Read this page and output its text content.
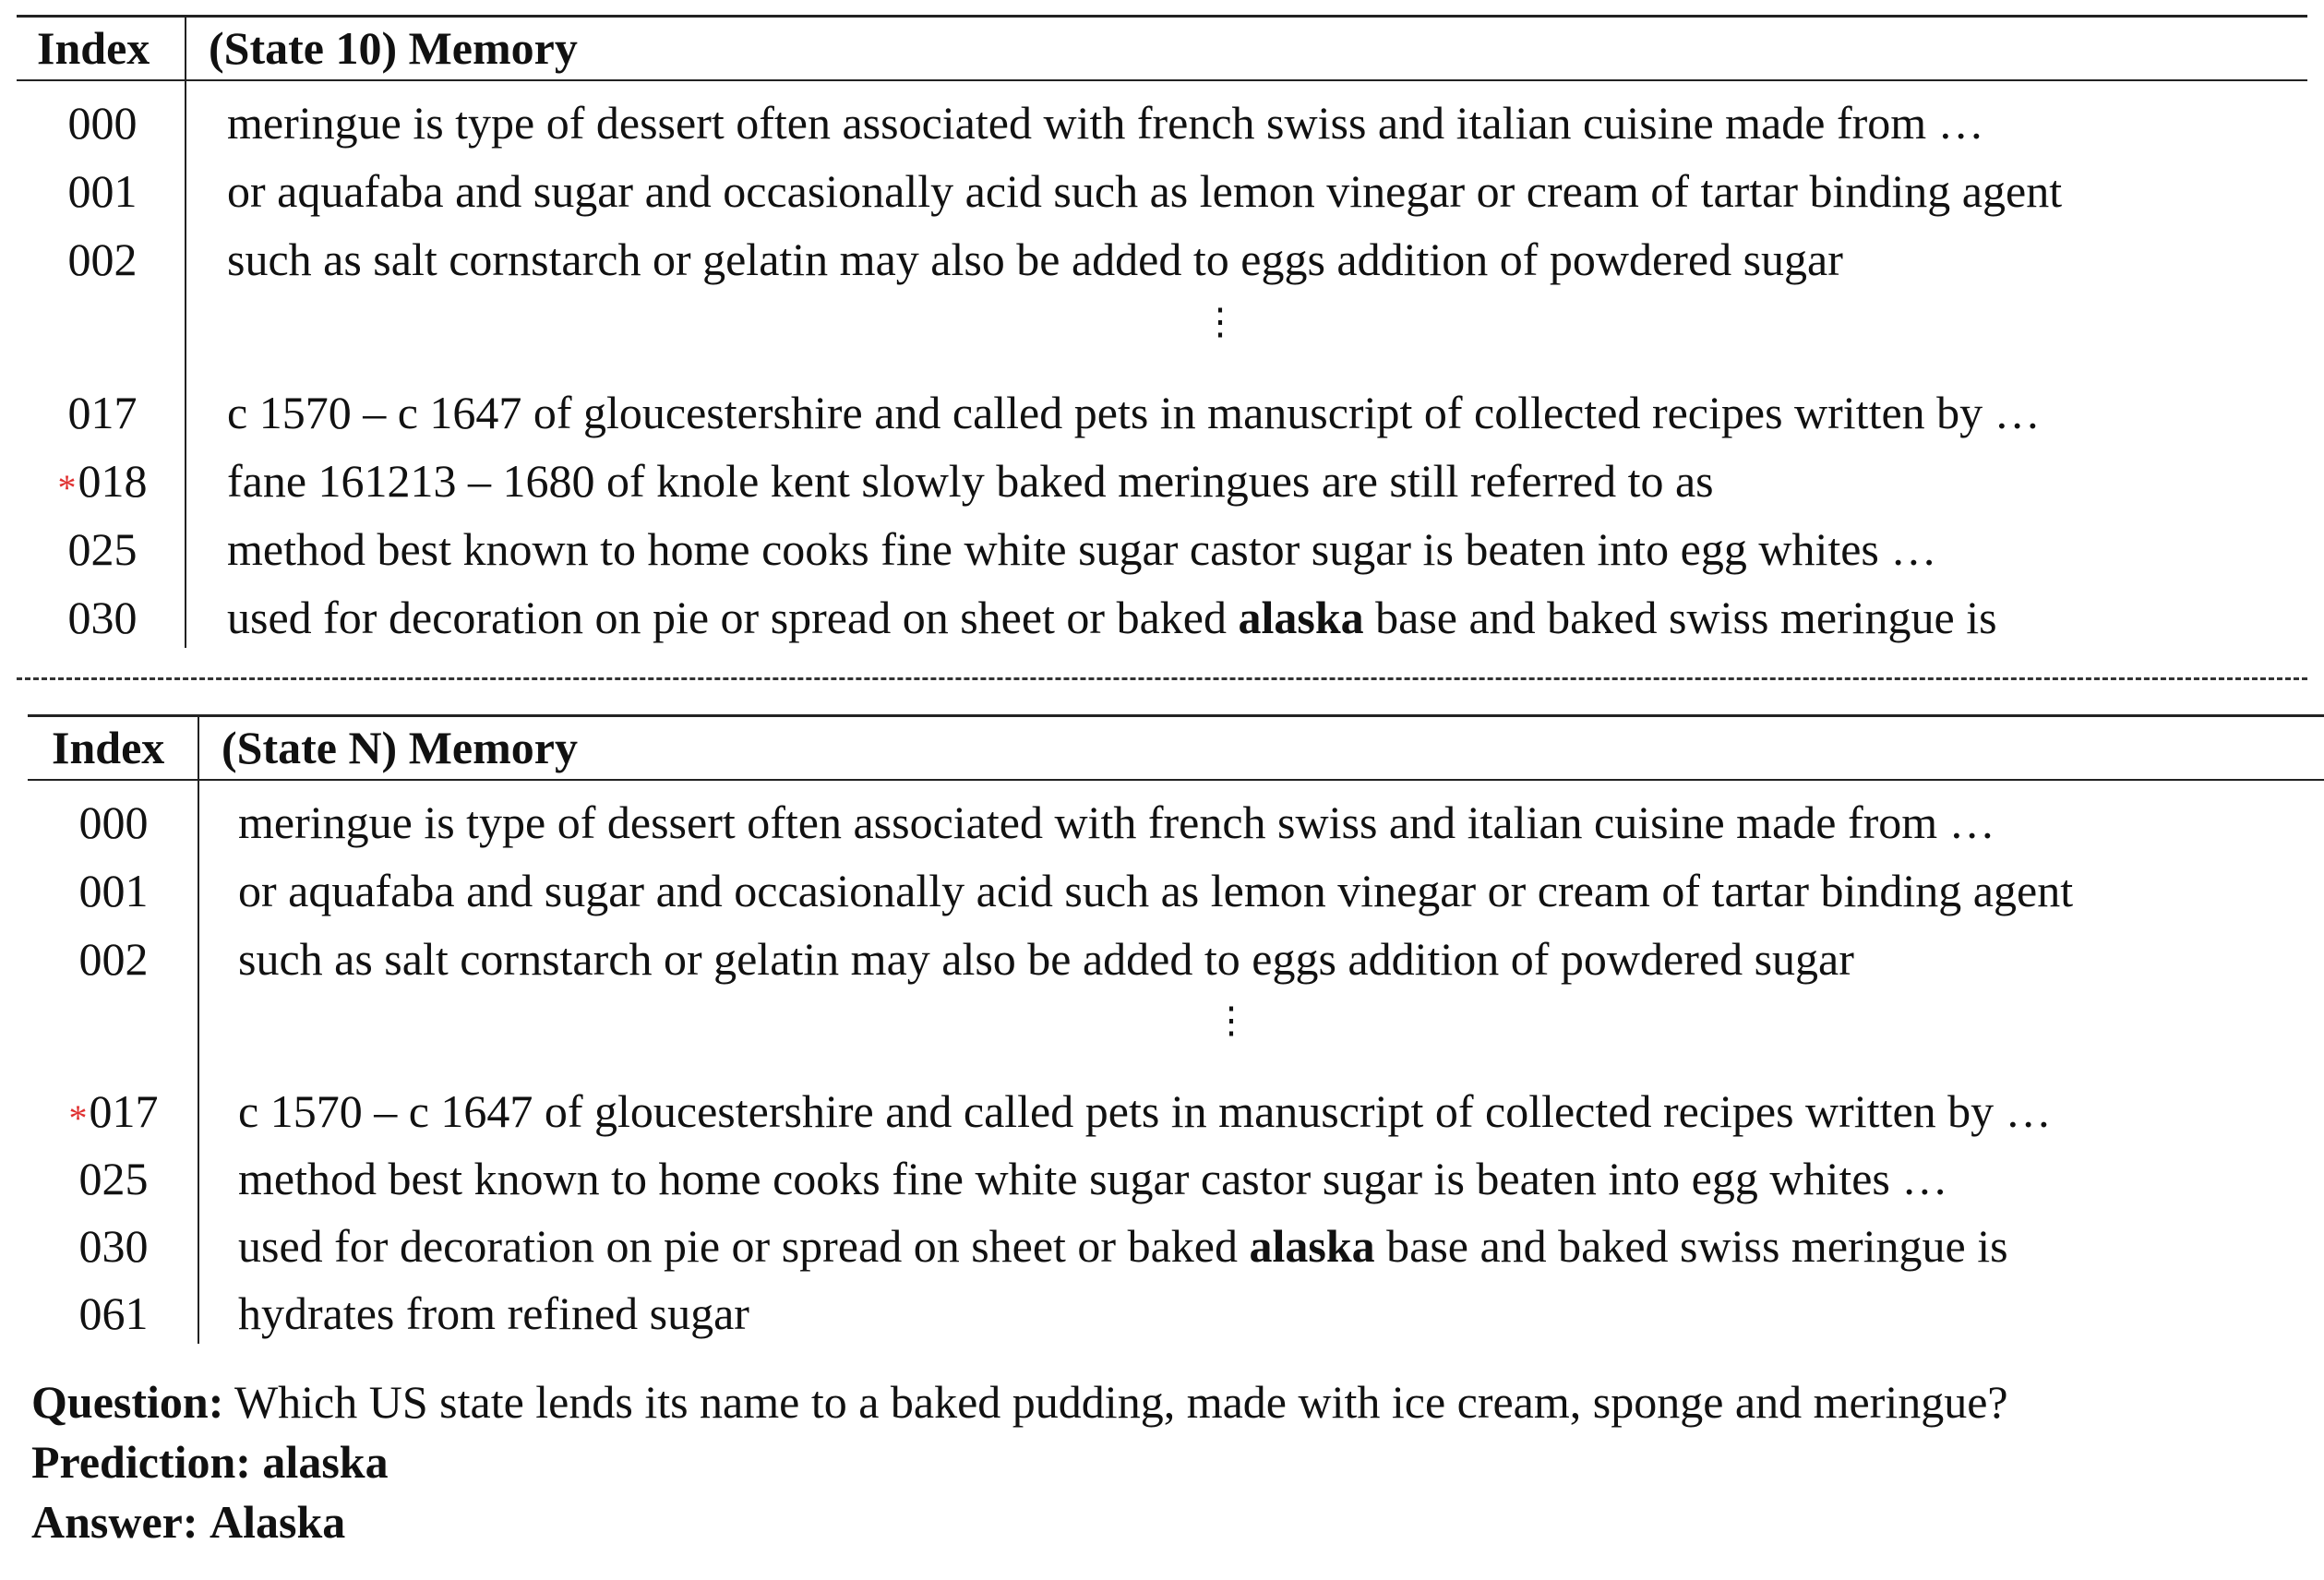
Index (State 10) Memory
000	meringue is type of dessert often associated with french swiss and italian cuisine made from …
001	or aquafaba and sugar and occasionally acid such as lemon vinegar or cream of tartar binding agent
002	such as salt cornstarch or gelatin may also be added to eggs addition of powdered sugar
⋮
017	c 1570 – c 1647 of gloucestershire and called pets in manuscript of collected recipes written by …
*018	fane 161213 – 1680 of knole kent slowly baked meringues are still referred to as
025	method best known to home cooks fine white sugar castor sugar is beaten into egg whites …
030	used for decoration on pie or spread on sheet or baked alaska base and baked swiss meringue is
Index (State N) Memory
000	meringue is type of dessert often associated with french swiss and italian cuisine made from …
001	or aquafaba and sugar and occasionally acid such as lemon vinegar or cream of tartar binding agent
002	such as salt cornstarch or gelatin may also be added to eggs addition of powdered sugar
⋮
*017	c 1570 – c 1647 of gloucestershire and called pets in manuscript of collected recipes written by …
025	method best known to home cooks fine white sugar castor sugar is beaten into egg whites …
030	used for decoration on pie or spread on sheet or baked alaska base and baked swiss meringue is
061	hydrates from refined sugar
Question: Which US state lends its name to a baked pudding, made with ice cream, sponge and meringue?
Prediction: alaska
Answer: Alaska
